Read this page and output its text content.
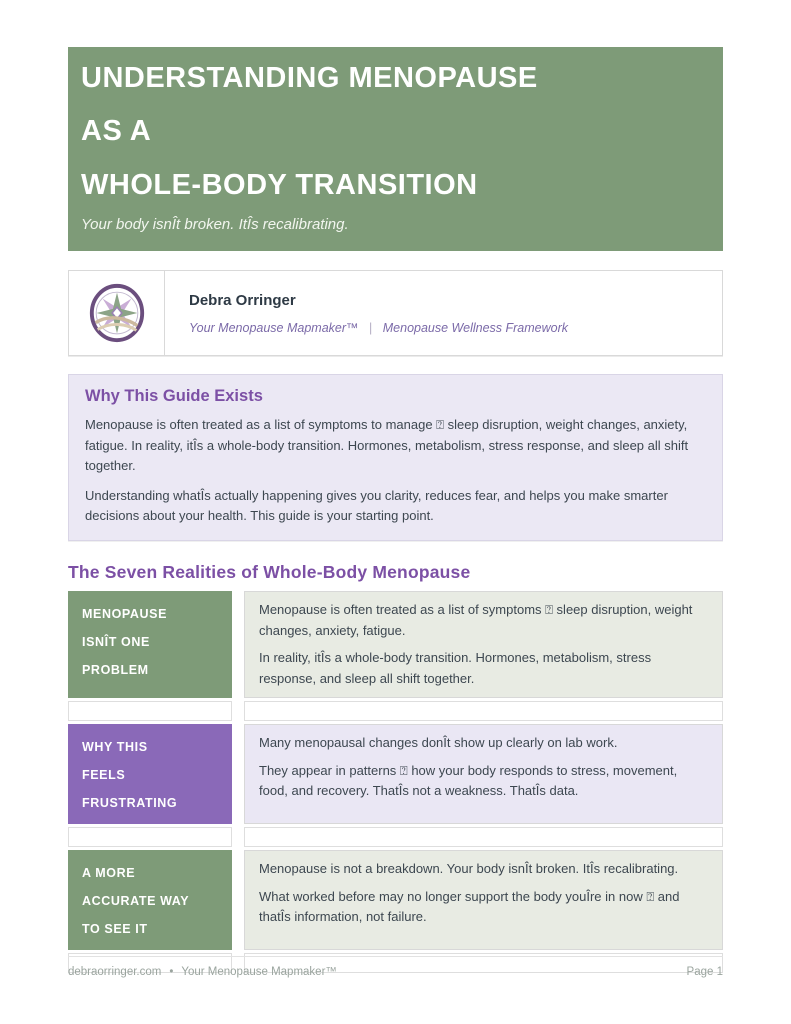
UNDERSTANDING MENOPAUSE
AS A
WHOLE-BODY TRANSITION
Your body isnÎt broken. ItÎs recalibrating.
Debra Orringer
Your Menopause Mapmaker™ | Menopause Wellness Framework
Why This Guide Exists

Menopause is often treated as a list of symptoms to manage ⍰ sleep disruption, weight changes, anxiety, fatigue. In reality, itÎs a whole-body transition. Hormones, metabolism, stress response, and sleep all shift together.

Understanding whatÎs actually happening gives you clarity, reduces fear, and helps you make smarter decisions about your health. This guide is your starting point.

The Seven Realities of Whole-Body Menopause
MENOPAUSE
ISNÎT ONE
PROBLEM

Menopause is often treated as a list of symptoms ⍰ sleep disruption, weight changes, anxiety, fatigue.

In reality, itÎs a whole-body transition. Hormones, metabolism, stress response, and sleep all shift together.

WHY THIS
FEELS
FRUSTRATING

Many menopausal changes donÎt show up clearly on lab work.

They appear in patterns ⍰ how your body responds to stress, movement, food, and recovery. ThatÎs not a weakness. ThatÎs data.

A MORE
ACCURATE WAY
TO SEE IT

Menopause is not a breakdown. Your body isnÎt broken. ItÎs recalibrating.

What worked before may no longer support the body youÎre in now ⍰ and thatÎs information, not failure.

debraorringer.com • Your Menopause Mapmaker™	Page 1
